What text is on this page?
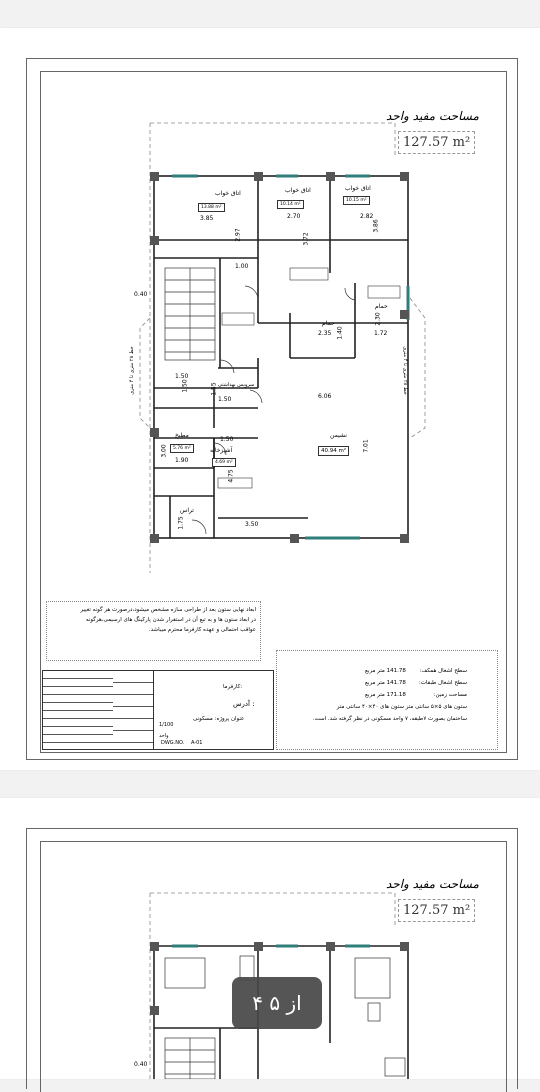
مساحت مفید واحد
127.57 m²
اتاق خواب
13.88 m²
3.85
2.97
اتاق خواب
10.14 m²
2.70
3.72
اتاق خواب
10.15 m²
2.82
3.86
1.00
0.40
حمام
2.35 1.40
حمام
1.72
2.30
6.06
نشیمن
40.94 m²	7.01
1.50
سرویس بهداشتی
1.50
1.55
1.50
مطبخ
5.76 m²
3.00
1.90
1.50
آشپزخانه
4.69 m²
4.75
تراس
1.75	3.50
خط ۲۸ متری تا ۴ متری	خط ۲۸ متری تا ۴ متری
ابعاد نهایی ستون بعد از طراحی سازه مشخص میشود،درصورت هر گونه تغییر
در ابعاد ستون ها و به تبع آن در استقرار شدن پارکینگ های ارسیمی،هرگونه
عواقب احتمالی و عهده کارفرما محترم میباشد.
کارفرما:
آدرس :
عنوان پروژه: مسکونی
1/100
واحد
DWG.NO. A-01
سطح اشغال همکف:
141.78 متر مربع
سطح اشغال طبقات:
141.78 متر مربع
مساحت زمین:
171.18 متر مربع
ستون های ۵×۵ سانتی متر ستون های ۴۰×۴۰ سانتی متر
ساختمان بصورت ۷طبقه، ۷ واحد مسکونی در نظر گرفته شد. است.
مساحت مفید واحد
127.57 m²
0.40
۴ از ۵
